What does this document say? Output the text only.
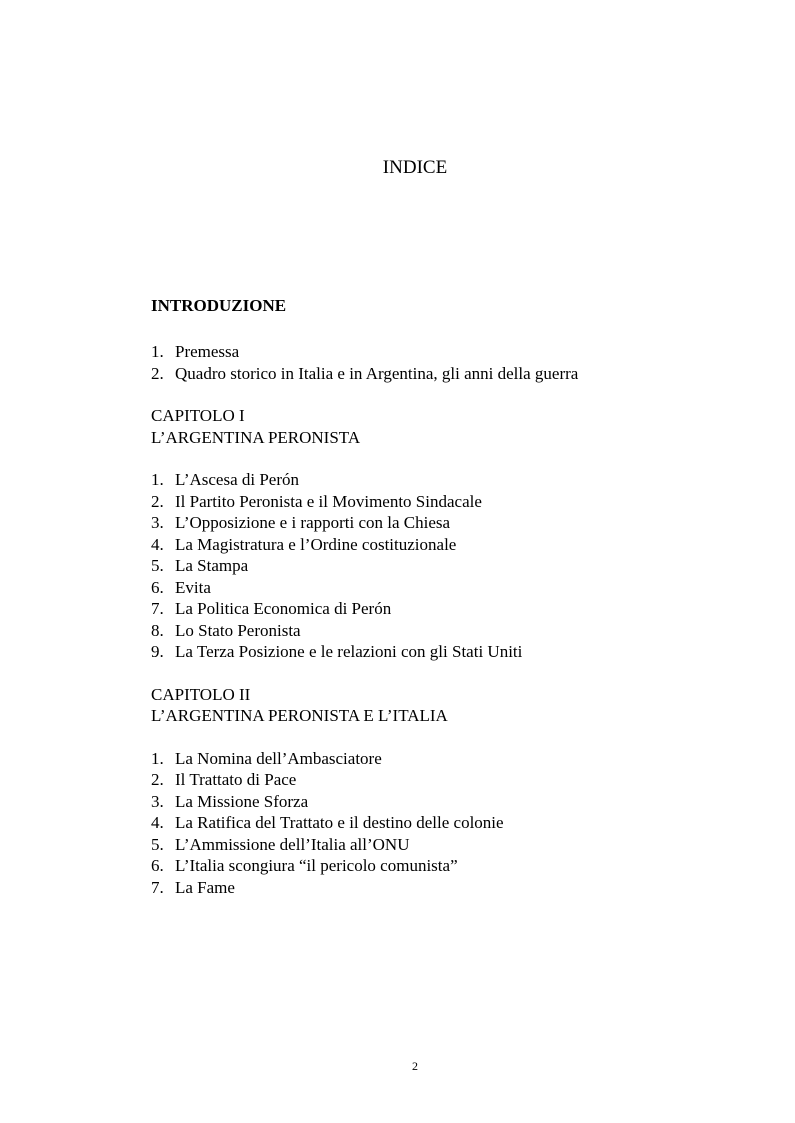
INDICE
INTRODUZIONE
1. Premessa
2. Quadro storico in Italia e in Argentina, gli anni della guerra
CAPITOLO I
L’ARGENTINA PERONISTA
1. L’Ascesa di Perón
2. Il Partito Peronista e il Movimento Sindacale
3. L’Opposizione e i rapporti con la Chiesa
4. La Magistratura e l’Ordine costituzionale
5. La Stampa
6. Evita
7. La Politica Economica di Perón
8. Lo Stato Peronista
9. La Terza Posizione e le relazioni con gli Stati Uniti
CAPITOLO II
L’ARGENTINA PERONISTA E L’ITALIA
1. La Nomina dell’Ambasciatore
2. Il Trattato di Pace
3. La Missione Sforza
4. La Ratifica del Trattato e il destino delle colonie
5. L’Ammissione dell’Italia all’ONU
6. L’Italia scongiura “il pericolo comunista”
7. La Fame
2
